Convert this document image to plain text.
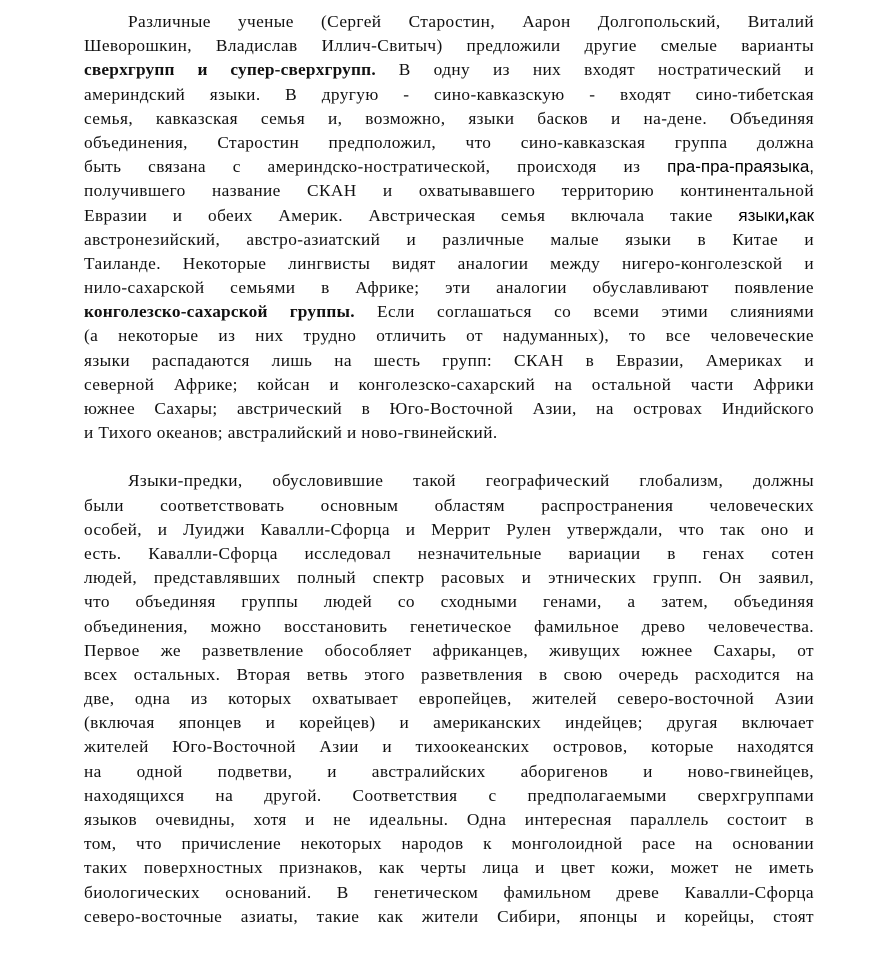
Различные ученые (Сергей Старостин, Аарон Долгопольский, Виталий
Шеворошкин, Владислав Иллич-Свитыч) предложили другие смелые варианты
сверхгрупп и супер-сверхгрупп. В одну из них входят ностратический и
америндский языки. В другую - сино-кавказскую - входят сино-тибетская
семья, кавказская семья и, возможно, языки басков и на-дене. Объединяя
объединения, Старостин предположил, что сино-кавказская группа должна
быть связана с америндско-ностратической, происходя из пра-пра-праязыка,
получившего название СКАН и охватывавшего территорию континентальной
Евразии и обеих Америк. Австрическая семья включала такие языки,как
австронезийский, австро-азиатский и различные малые языки в Китае и
Таиланде. Некоторые лингвисты видят аналогии между нигеро-конголезской и
нило-сахарской семьями в Африке; эти аналогии обуславливают появление
конголезско-сахарской группы. Если соглашаться со всеми этими слияниями
(а некоторые из них трудно отличить от надуманных), то все человеческие
языки распадаются лишь на шесть групп: СКАН в Евразии, Америках и
северной Африке; койсан и конголезско-сахарский на остальной части Африки
южнее Сахары; австрический в Юго-Восточной Азии, на островах Индийского
и Тихого океанов; австралийский и ново-гвинейский.
Языки-предки, обусловившие такой географический глобализм, должны
были соответствовать основным областям распространения человеческих
особей, и Луиджи Кавалли-Сфорца и Меррит Рулен утверждали, что так оно и
есть. Кавалли-Сфорца исследовал незначительные вариации в генах сотен
людей, представлявших полный спектр расовых и этнических групп. Он заявил,
что объединяя группы людей со сходными генами, а затем, объединяя
объединения, можно восстановить генетическое фамильное древо человечества.
Первое же разветвление обособляет африканцев, живущих южнее Сахары, от
всех остальных. Вторая ветвь этого разветвления в свою очередь расходится на
две, одна из которых охватывает европейцев, жителей северо-восточной Азии
(включая японцев и корейцев) и американских индейцев; другая включает
жителей Юго-Восточной Азии и тихоокеанских островов, которые находятся
на одной подветви, и австралийских аборигенов и ново-гвинейцев,
находящихся на другой. Соответствия с предполагаемыми сверхгруппами
языков очевидны, хотя и не идеальны. Одна интересная параллель состоит в
том, что причисление некоторых народов к монголоидной расе на основании
таких поверхностных признаков, как черты лица и цвет кожи, может не иметь
биологических оснований. В генетическом фамильном древе Кавалли-Сфорца
северо-восточные азиаты, такие как жители Сибири, японцы и корейцы, стоят
